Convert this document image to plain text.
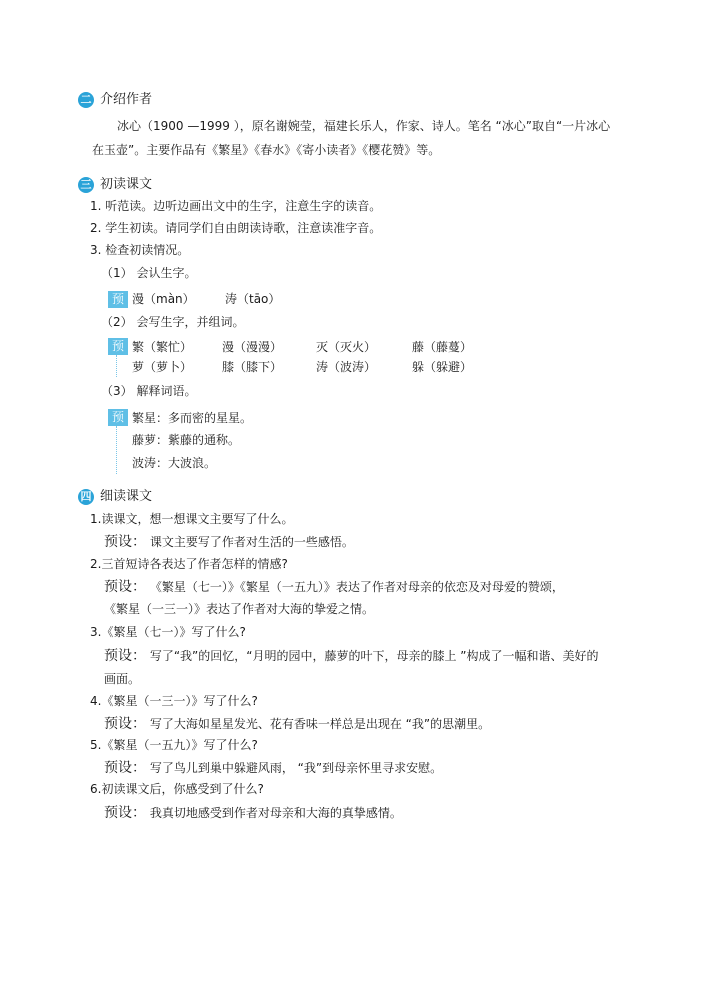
二 介绍作者
冰心（1900 —1999 ），原名谢婉莹，福建长乐人，作家、诗人。笔名 “冰心”取自“一片冰心
在玉壶”。主要作品有《繁星》《春水》《寄小读者》《樱花赞》等。
三 初读课文
1. 听范读。边听边画出文中的生字，注意生字的读音。
2. 学生初读。请同学们自由朗读诗歌，注意读准字音。
3. 检查初读情况。
（1） 会认生字。
预 漫（màn）	涛（tāo）
（2） 会写生字，并组词。
预 繁（繁忙） 漫（漫漫）	灭（灭火）	藤（藤蔓）
萝（萝卜） 膝（膝下）	涛（波涛）	躲（躲避）
（3） 解释词语。
预 繁星：多而密的星星。
藤萝：紫藤的通称。
波涛：大波浪。
四 细读课文
1.读课文，想一想课文主要写了什么。
预设： 课文主要写了作者对生活的一些感悟。
2.三首短诗各表达了作者怎样的情感?
预设： 《繁星（七一）》《繁星（一五九）》表达了作者对母亲的依恋及对母爱的赞颂，
《繁星（一三一）》表达了作者对大海的挚爱之情。
3.《繁星（七一）》写了什么?
预设： 写了“我”的回忆，“月明的园中，藤萝的叶下，母亲的膝上 ”构成了一幅和谐、美好的
画面。
4.《繁星（一三一）》写了什么?
预设： 写了大海如星星发光、花有香味一样总是出现在 “我”的思潮里。
5.《繁星（一五九）》写了什么?
预设： 写了鸟儿到巢中躲避风雨， “我”到母亲怀里寻求安慰。
6.初读课文后，你感受到了什么?
预设： 我真切地感受到作者对母亲和大海的真挚感情。
